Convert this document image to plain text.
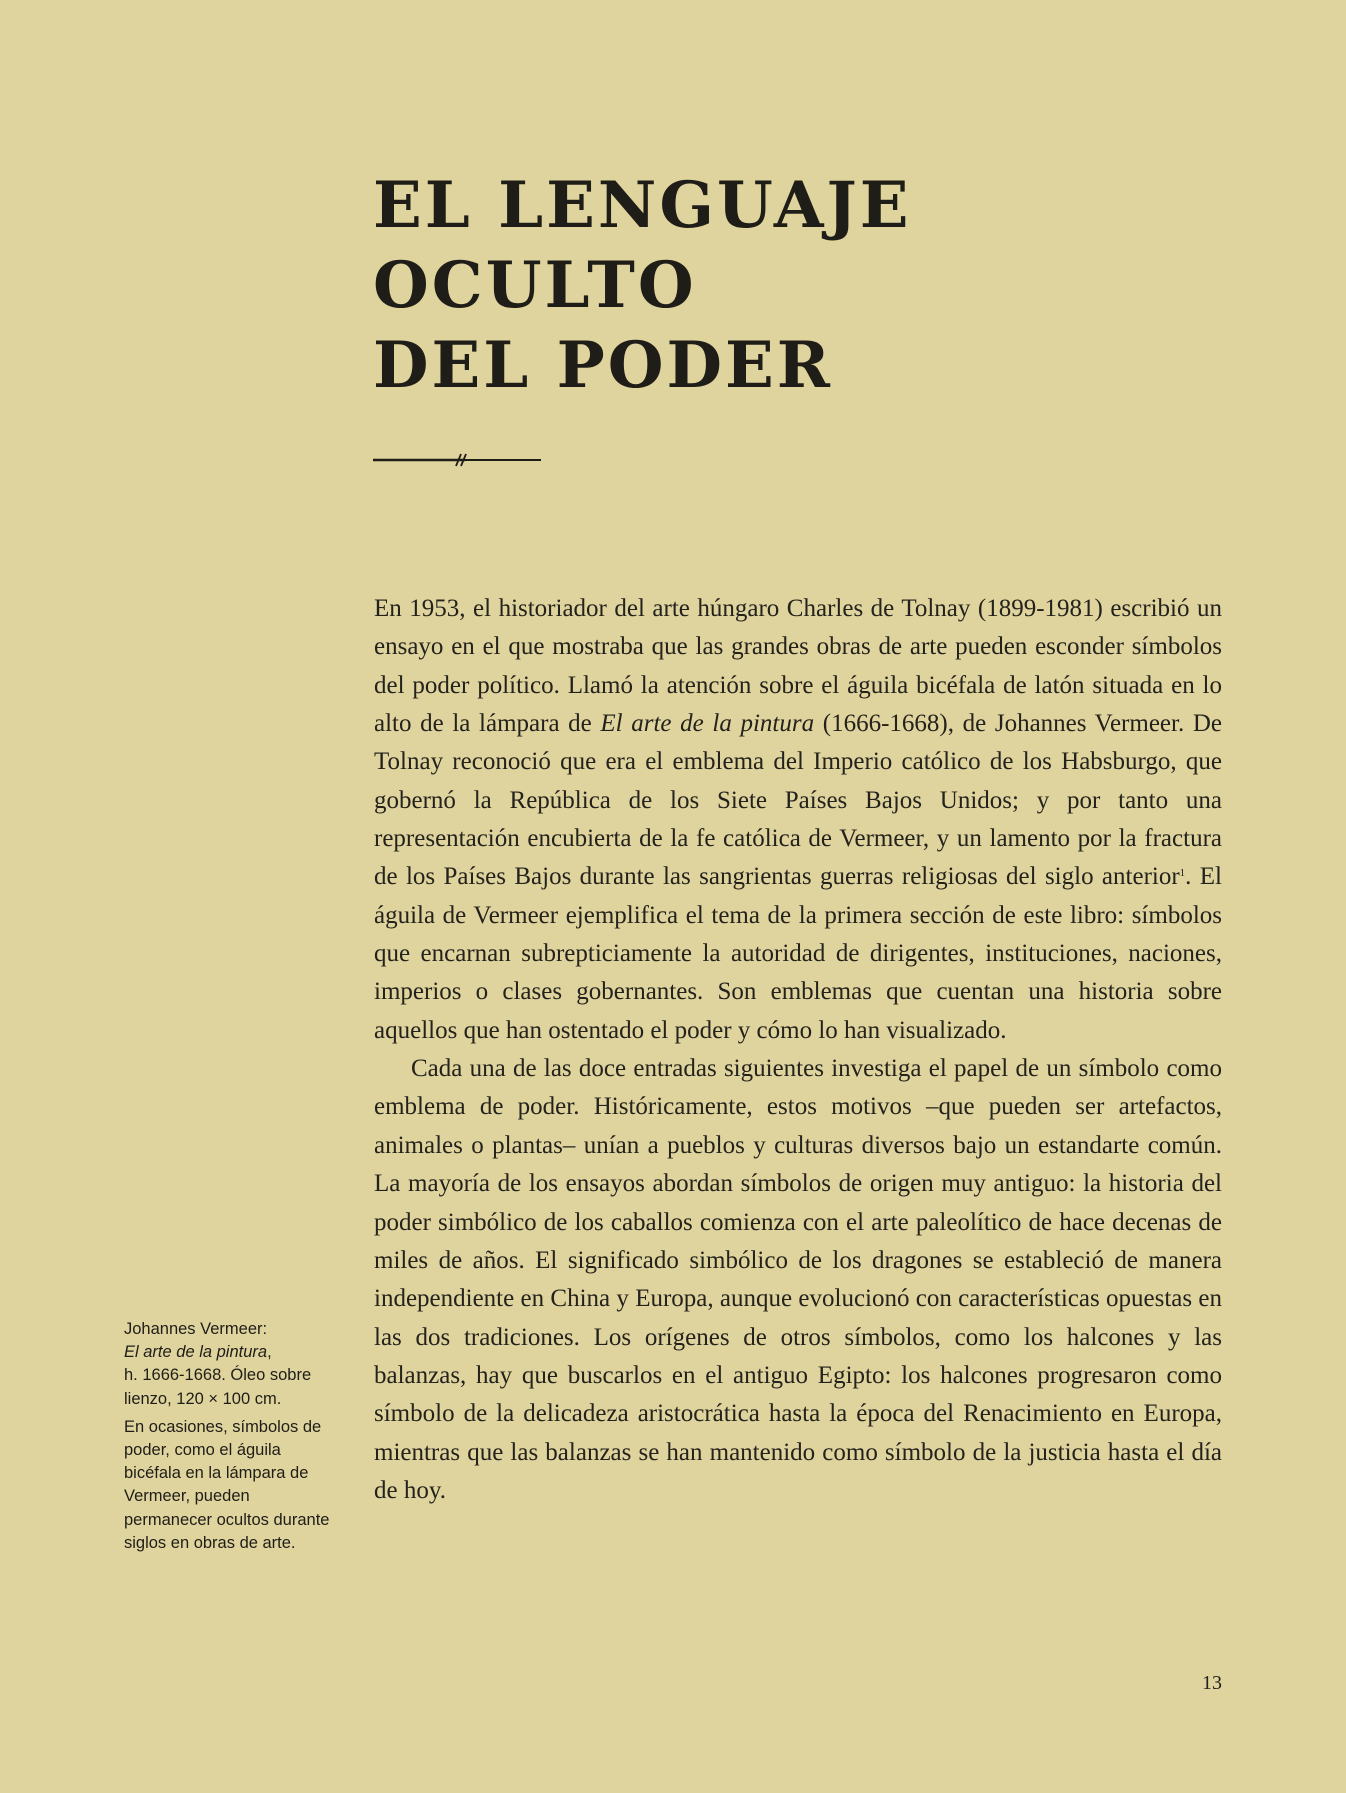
EL LENGUAJE
OCULTO
DEL PODER

En 1953, el historiador del arte húngaro Charles de Tolnay (1899-1981) escribió un ensayo en el que mostraba que las grandes obras de arte pueden esconder símbolos del poder político. Llamó la atención sobre el águila bicéfala de latón situada en lo alto de la lámpara de El arte de la pintura (1666-1668), de Johannes Vermeer. De Tolnay reconoció que era el emblema del Imperio católico de los Habsburgo, que gobernó la República de los Siete Países Bajos Unidos; y por tanto una representación encubierta de la fe católica de Vermeer, y un lamento por la fractura de los Países Bajos durante las sangrientas guerras religiosas del siglo anterior$^1$. El águila de Vermeer ejemplifica el tema de la primera sección de este libro: símbolos que encarnan subrepticiamente la autoridad de dirigentes, instituciones, naciones, imperios o clases gobernantes. Son emblemas que cuentan una historia sobre aquellos que han ostentado el poder y cómo lo han visualizado.

Cada una de las doce entradas siguientes investiga el papel de un símbolo como emblema de poder. Históricamente, estos motivos –que pueden ser artefactos, animales o plantas– unían a pueblos y culturas diversos bajo un estandarte común. La mayoría de los ensayos abordan símbolos de origen muy antiguo: la historia del poder simbólico de los caballos comienza con el arte paleolítico de hace decenas de miles de años. El significado simbólico de los dragones se estableció de manera independiente en China y Europa, aunque evolucionó con características opuestas en las dos tradiciones. Los orígenes de otros símbolos, como los halcones y las balanzas, hay que buscarlos en el antiguo Egipto: los halcones progresaron como símbolo de la delicadeza aristocrática hasta la época del Renacimiento en Europa, mientras que las balanzas se han mantenido como símbolo de la justicia hasta el día de hoy.

Johannes Vermeer:

El arte de la pintura,

h. 1666-1668. Óleo sobre lienzo, 120 × 100 cm.

En ocasiones, símbolos de poder, como el águila bicéfala en la lámpara de Vermeer, pueden permanecer ocultos durante siglos en obras de arte.

13
